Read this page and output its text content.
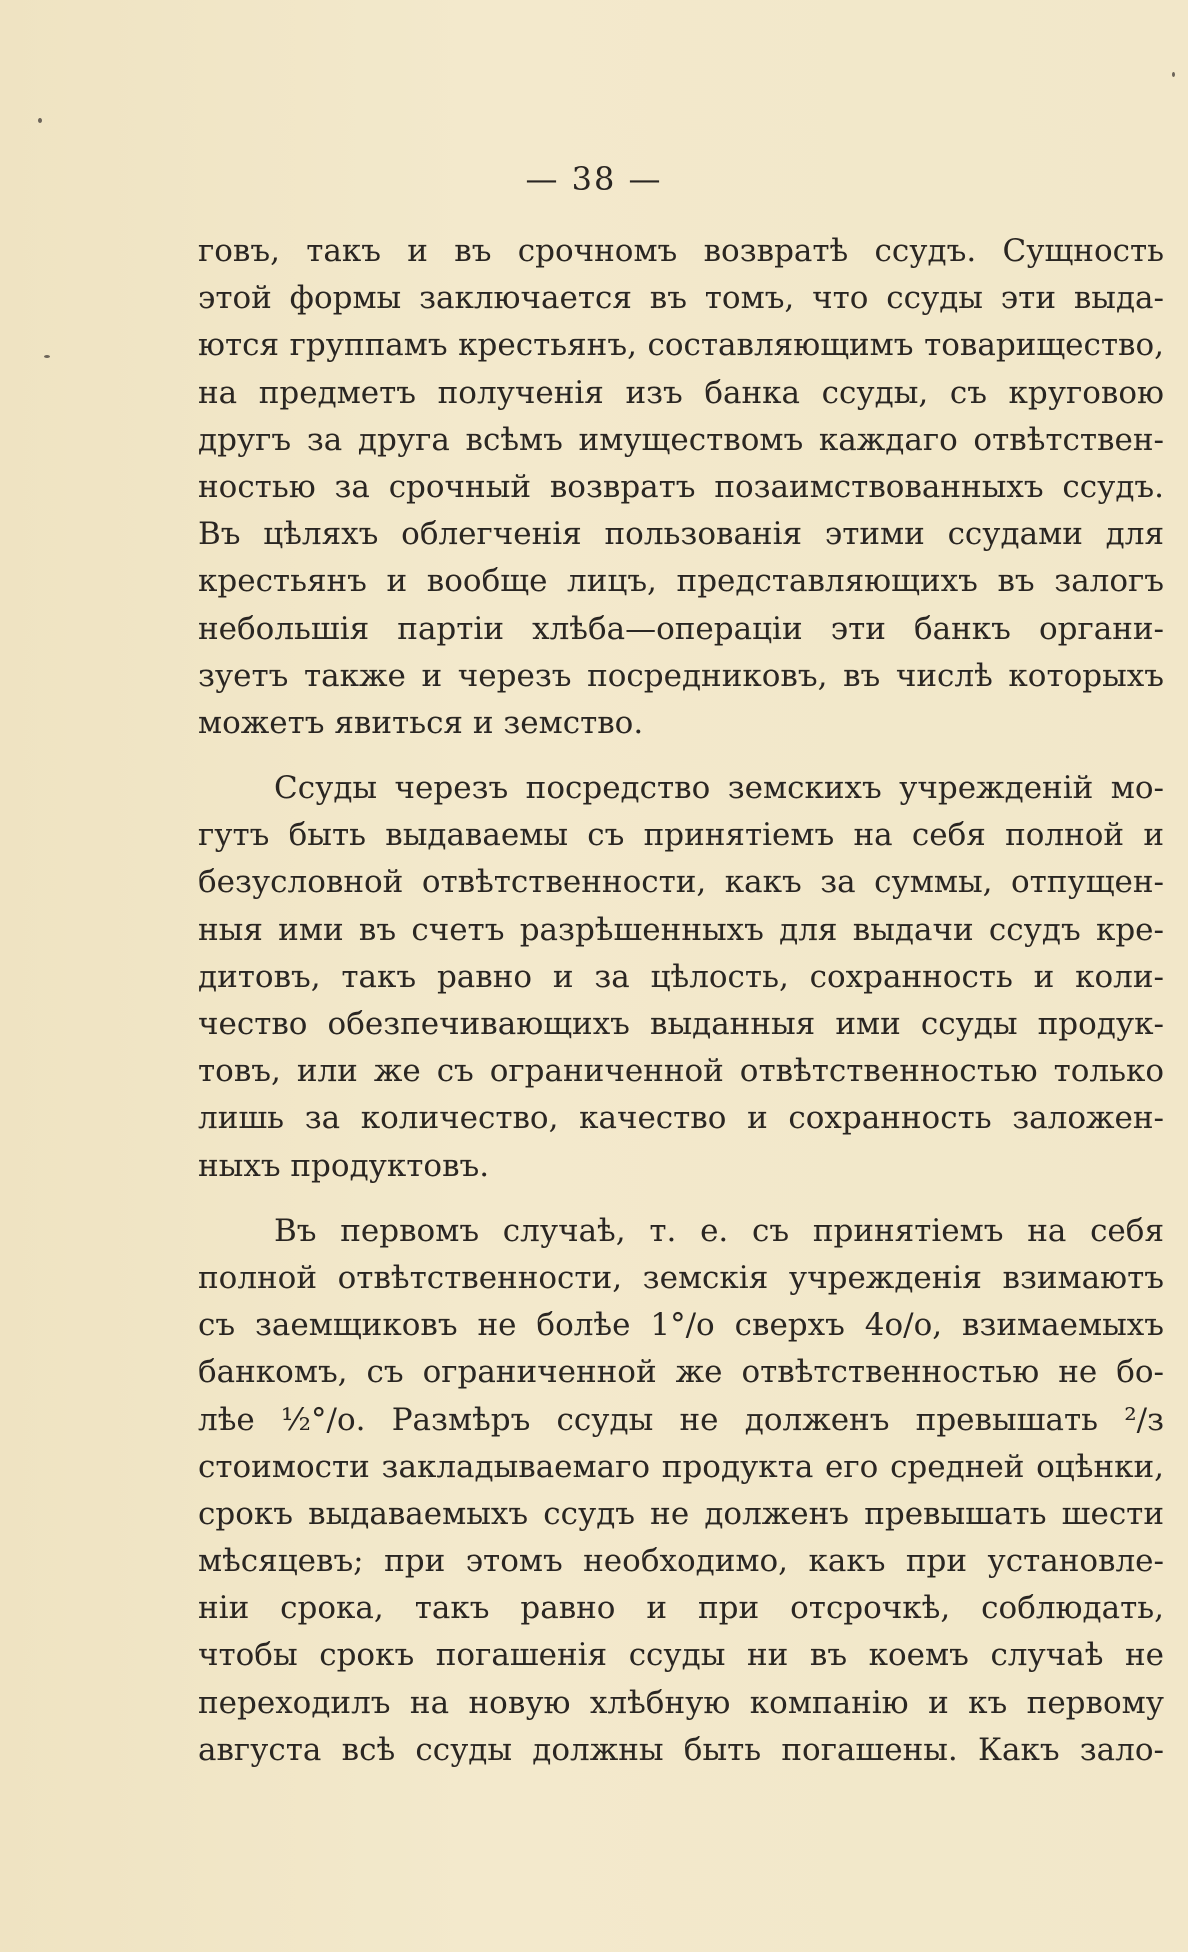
— 38 —
говъ, такъ и въ срочномъ возвратѣ ссудъ. Сущность
этой формы заключается въ томъ, что ссуды эти выда-
ются группамъ крестьянъ, составляющимъ товарищество,
на предметъ полученія изъ банка ссуды, съ круговою
другъ за друга всѣмъ имуществомъ каждаго отвѣтствен-
ностью за срочный возвратъ позаимствованныхъ ссудъ.
Въ цѣляхъ облегченія пользованія этими ссудами для
крестьянъ и вообще лицъ, представляющихъ въ залогъ
небольшія партіи хлѣба—операціи эти банкъ органи-
зуетъ также и черезъ посредниковъ, въ числѣ которыхъ
можетъ явиться и земство.
Ссуды черезъ посредство земскихъ учрежденій мо-
гутъ быть выдаваемы съ принятіемъ на себя полной и
безусловной отвѣтственности, какъ за суммы, отпущен-
ныя ими въ счетъ разрѣшенныхъ для выдачи ссудъ кре-
дитовъ, такъ равно и за цѣлость, сохранность и коли-
чество обезпечивающихъ выданныя ими ссуды продук-
товъ, или же съ ограниченной отвѣтственностью только
лишь за количество, качество и сохранность заложен-
ныхъ продуктовъ.
Въ первомъ случаѣ, т. е. съ принятіемъ на себя
полной отвѣтственности, земскія учрежденія взимаютъ
съ заемщиковъ не болѣе 1°/о сверхъ 4о/о, взимаемыхъ
банкомъ, съ ограниченной же отвѣтственностью не бо-
лѣе ½°/о. Размѣръ ссуды не долженъ превышать ²/з
стоимости закладываемаго продукта его средней оцѣнки,
срокъ выдаваемыхъ ссудъ не долженъ превышать шести
мѣсяцевъ; при этомъ необходимо, какъ при установле-
ніи срока, такъ равно и при отсрочкѣ, соблюдать,
чтобы срокъ погашенія ссуды ни въ коемъ случаѣ не
переходилъ на новую хлѣбную компанію и къ первому
августа всѣ ссуды должны быть погашены. Какъ зало-
